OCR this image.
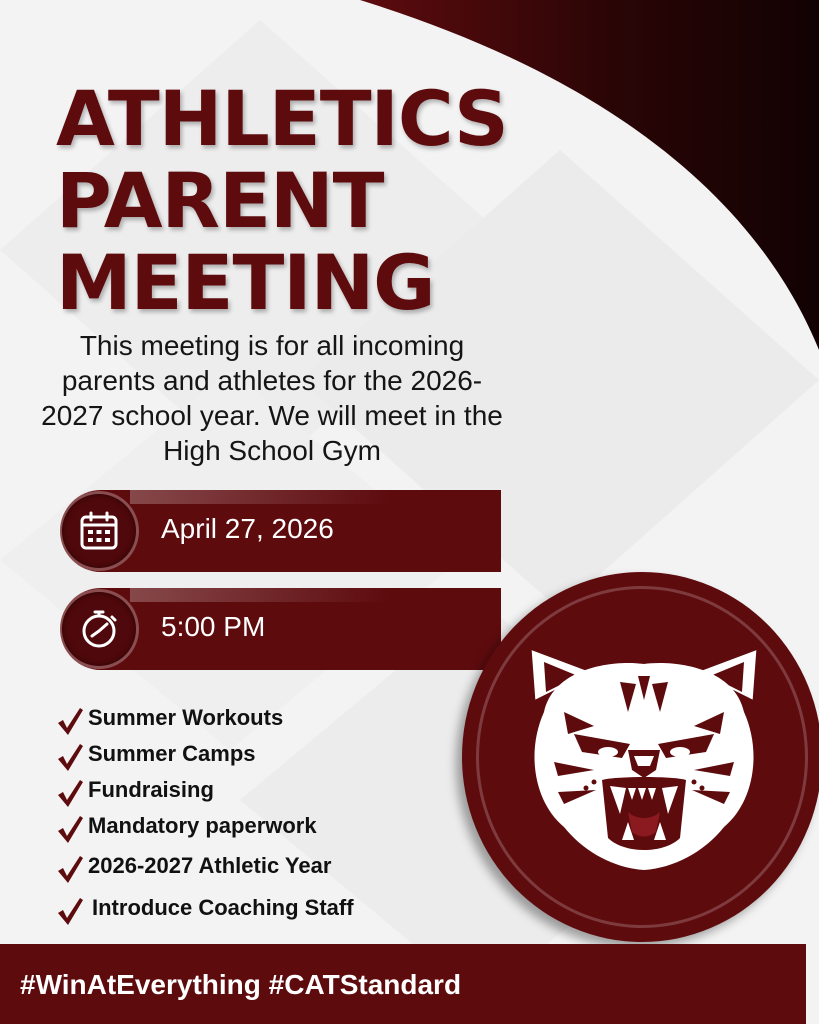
ATHLETICS
PARENT
MEETING

This meeting is for all incoming parents and athletes for the 2026-2027 school year. We will meet in the High School Gym

April 27, 2026
5:00 PM
Summer Workouts
Summer Camps
Fundraising
Mandatory paperwork
2026-2027 Athletic Year
Introduce Coaching Staff
#WinAtEverything #CATStandard
